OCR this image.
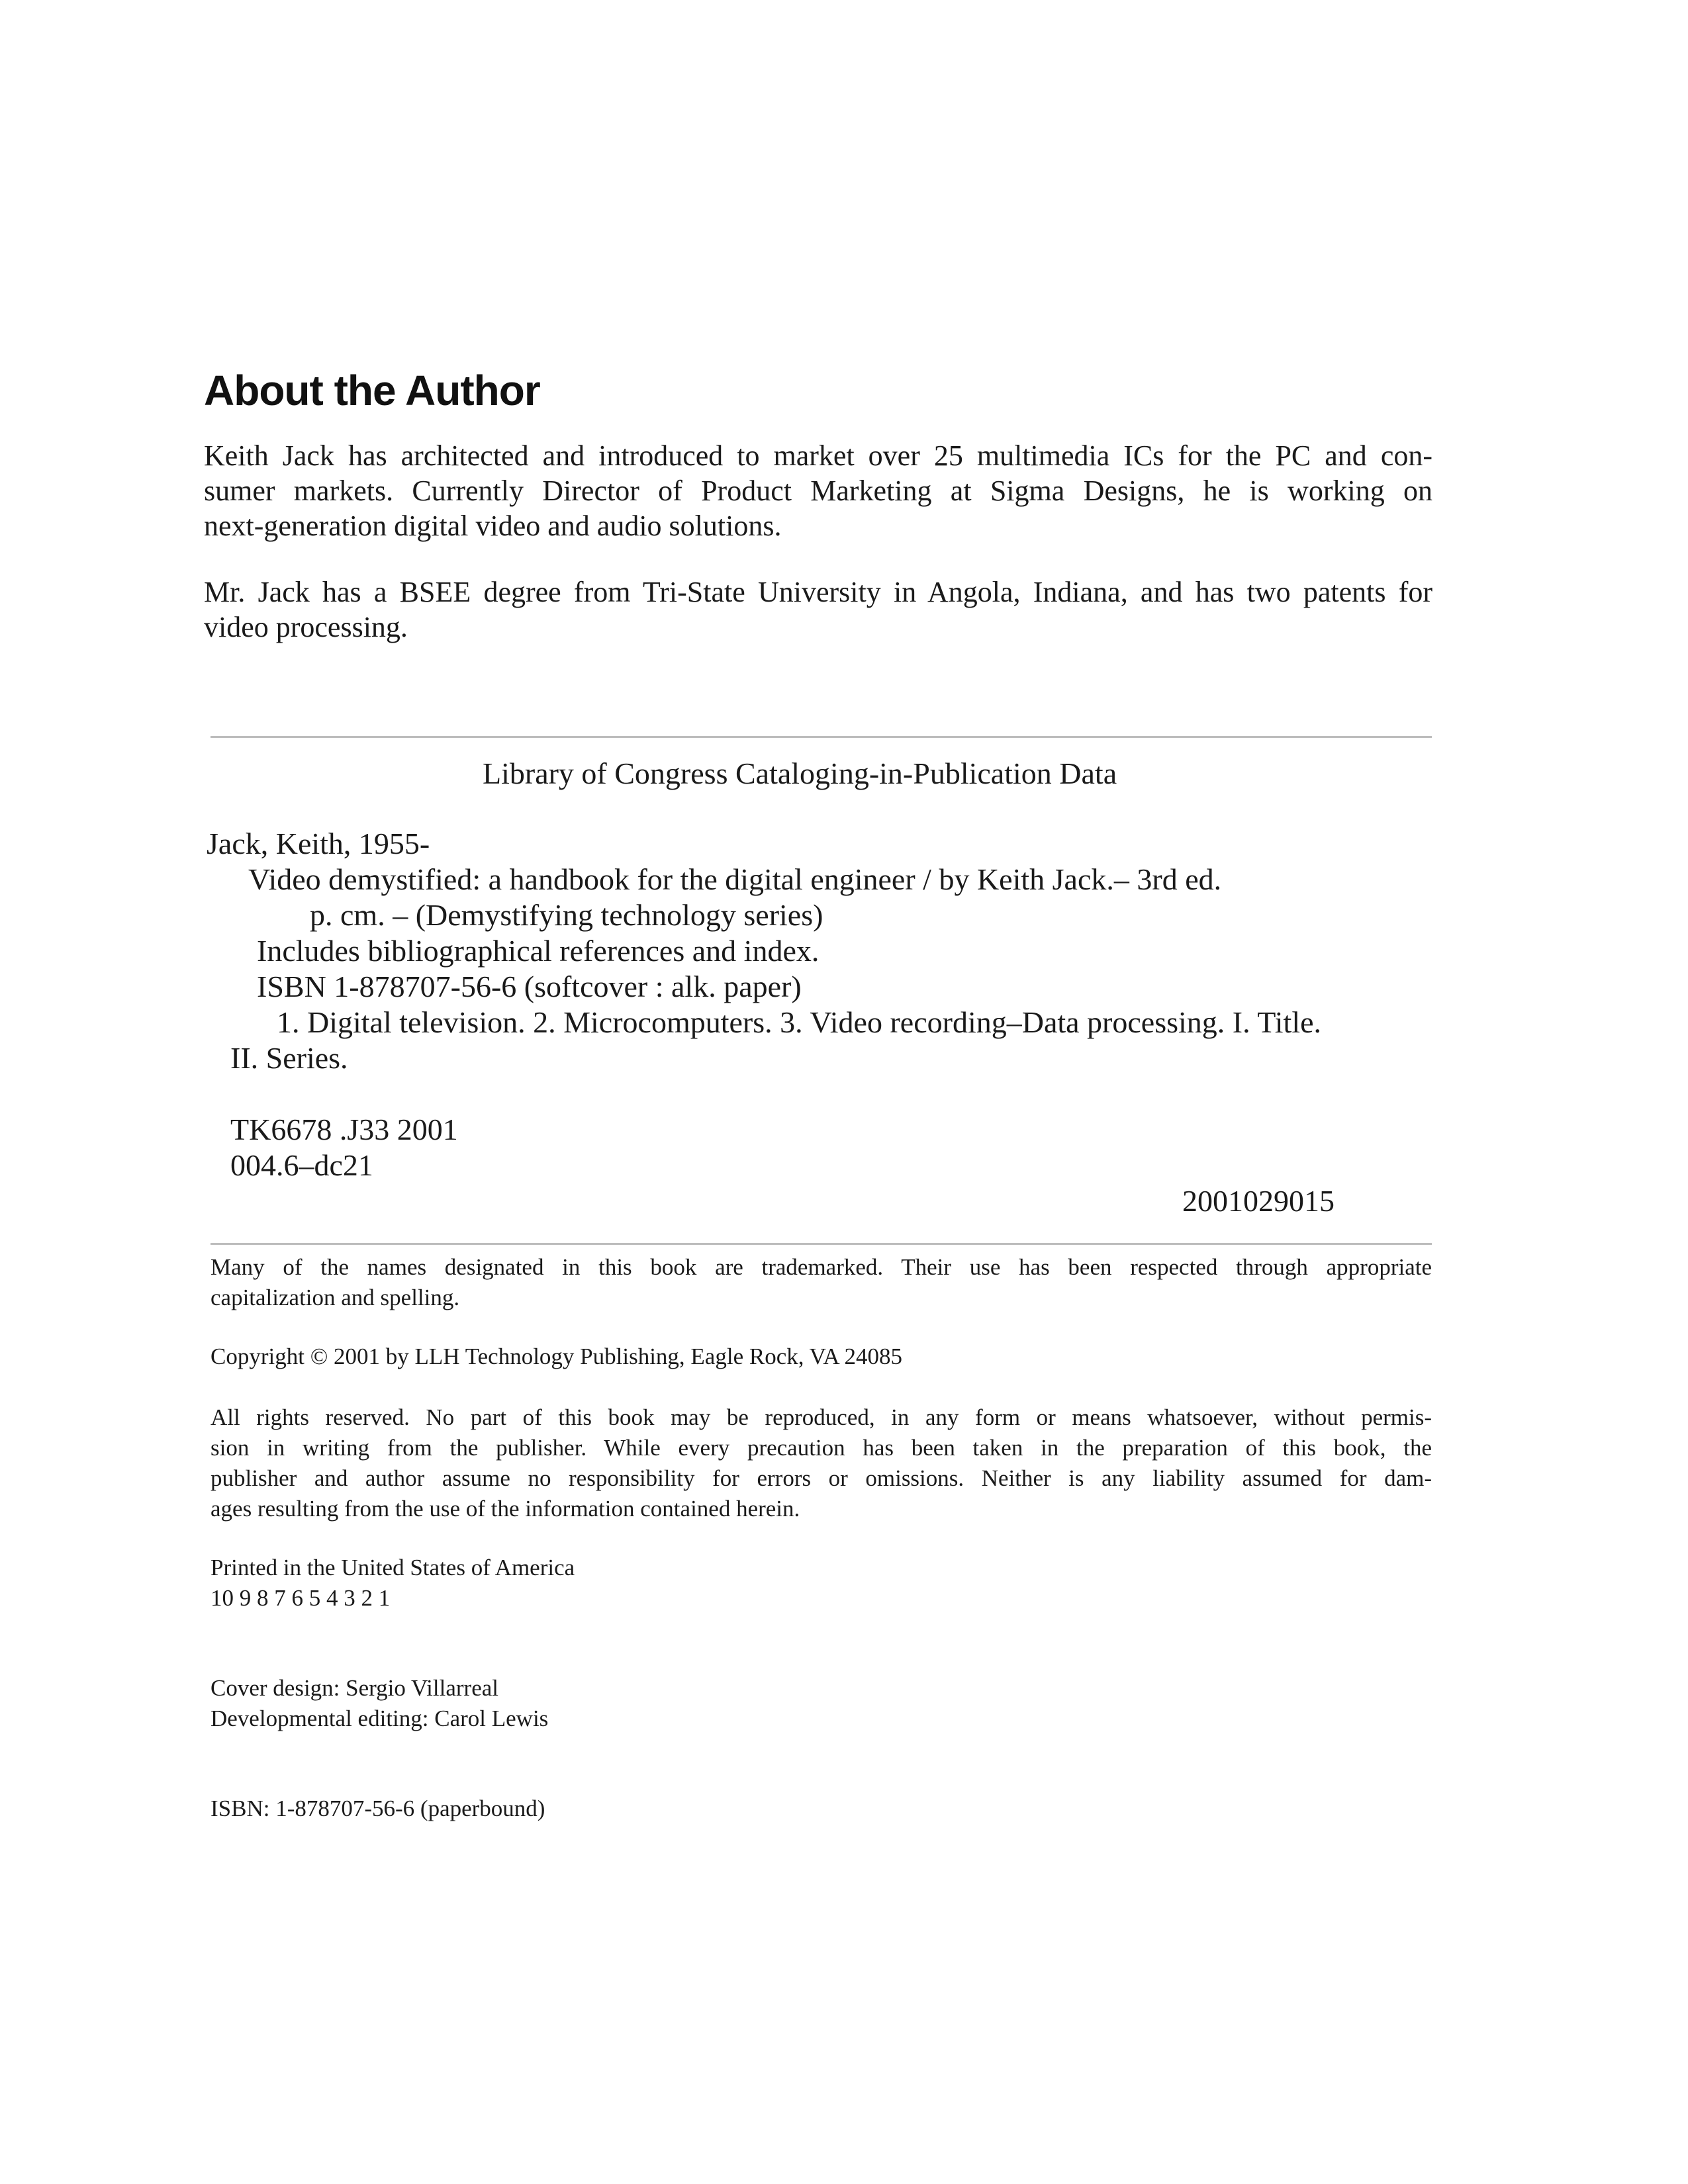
About the Author
Keith Jack has architected and introduced to market over 25 multimedia ICs for the PC and con-
sumer markets. Currently Director of Product Marketing at Sigma Designs, he is working on
next-generation digital video and audio solutions.
Mr. Jack has a BSEE degree from Tri-State University in Angola, Indiana, and has two patents for
video processing.
Library of Congress Cataloging-in-Publication Data
Jack, Keith, 1955-
Video demystified: a handbook for the digital engineer / by Keith Jack.– 3rd ed.
p. cm. – (Demystifying technology series)
Includes bibliographical references and index.
ISBN 1-878707-56-6 (softcover : alk. paper)
1. Digital television. 2. Microcomputers. 3. Video recording–Data processing. I. Title.
II. Series.
TK6678 .J33 2001
004.6–dc21
2001029015
Many of the names designated in this book are trademarked. Their use has been respected through appropriate
capitalization and spelling.
Copyright © 2001 by LLH Technology Publishing, Eagle Rock, VA 24085
All rights reserved. No part of this book may be reproduced, in any form or means whatsoever, without permis-
sion in writing from the publisher. While every precaution has been taken in the preparation of this book, the
publisher and author assume no responsibility for errors or omissions. Neither is any liability assumed for dam-
ages resulting from the use of the information contained herein.
Printed in the United States of America
10 9 8 7 6 5 4 3 2 1
Cover design: Sergio Villarreal
Developmental editing: Carol Lewis
ISBN: 1-878707-56-6 (paperbound)
